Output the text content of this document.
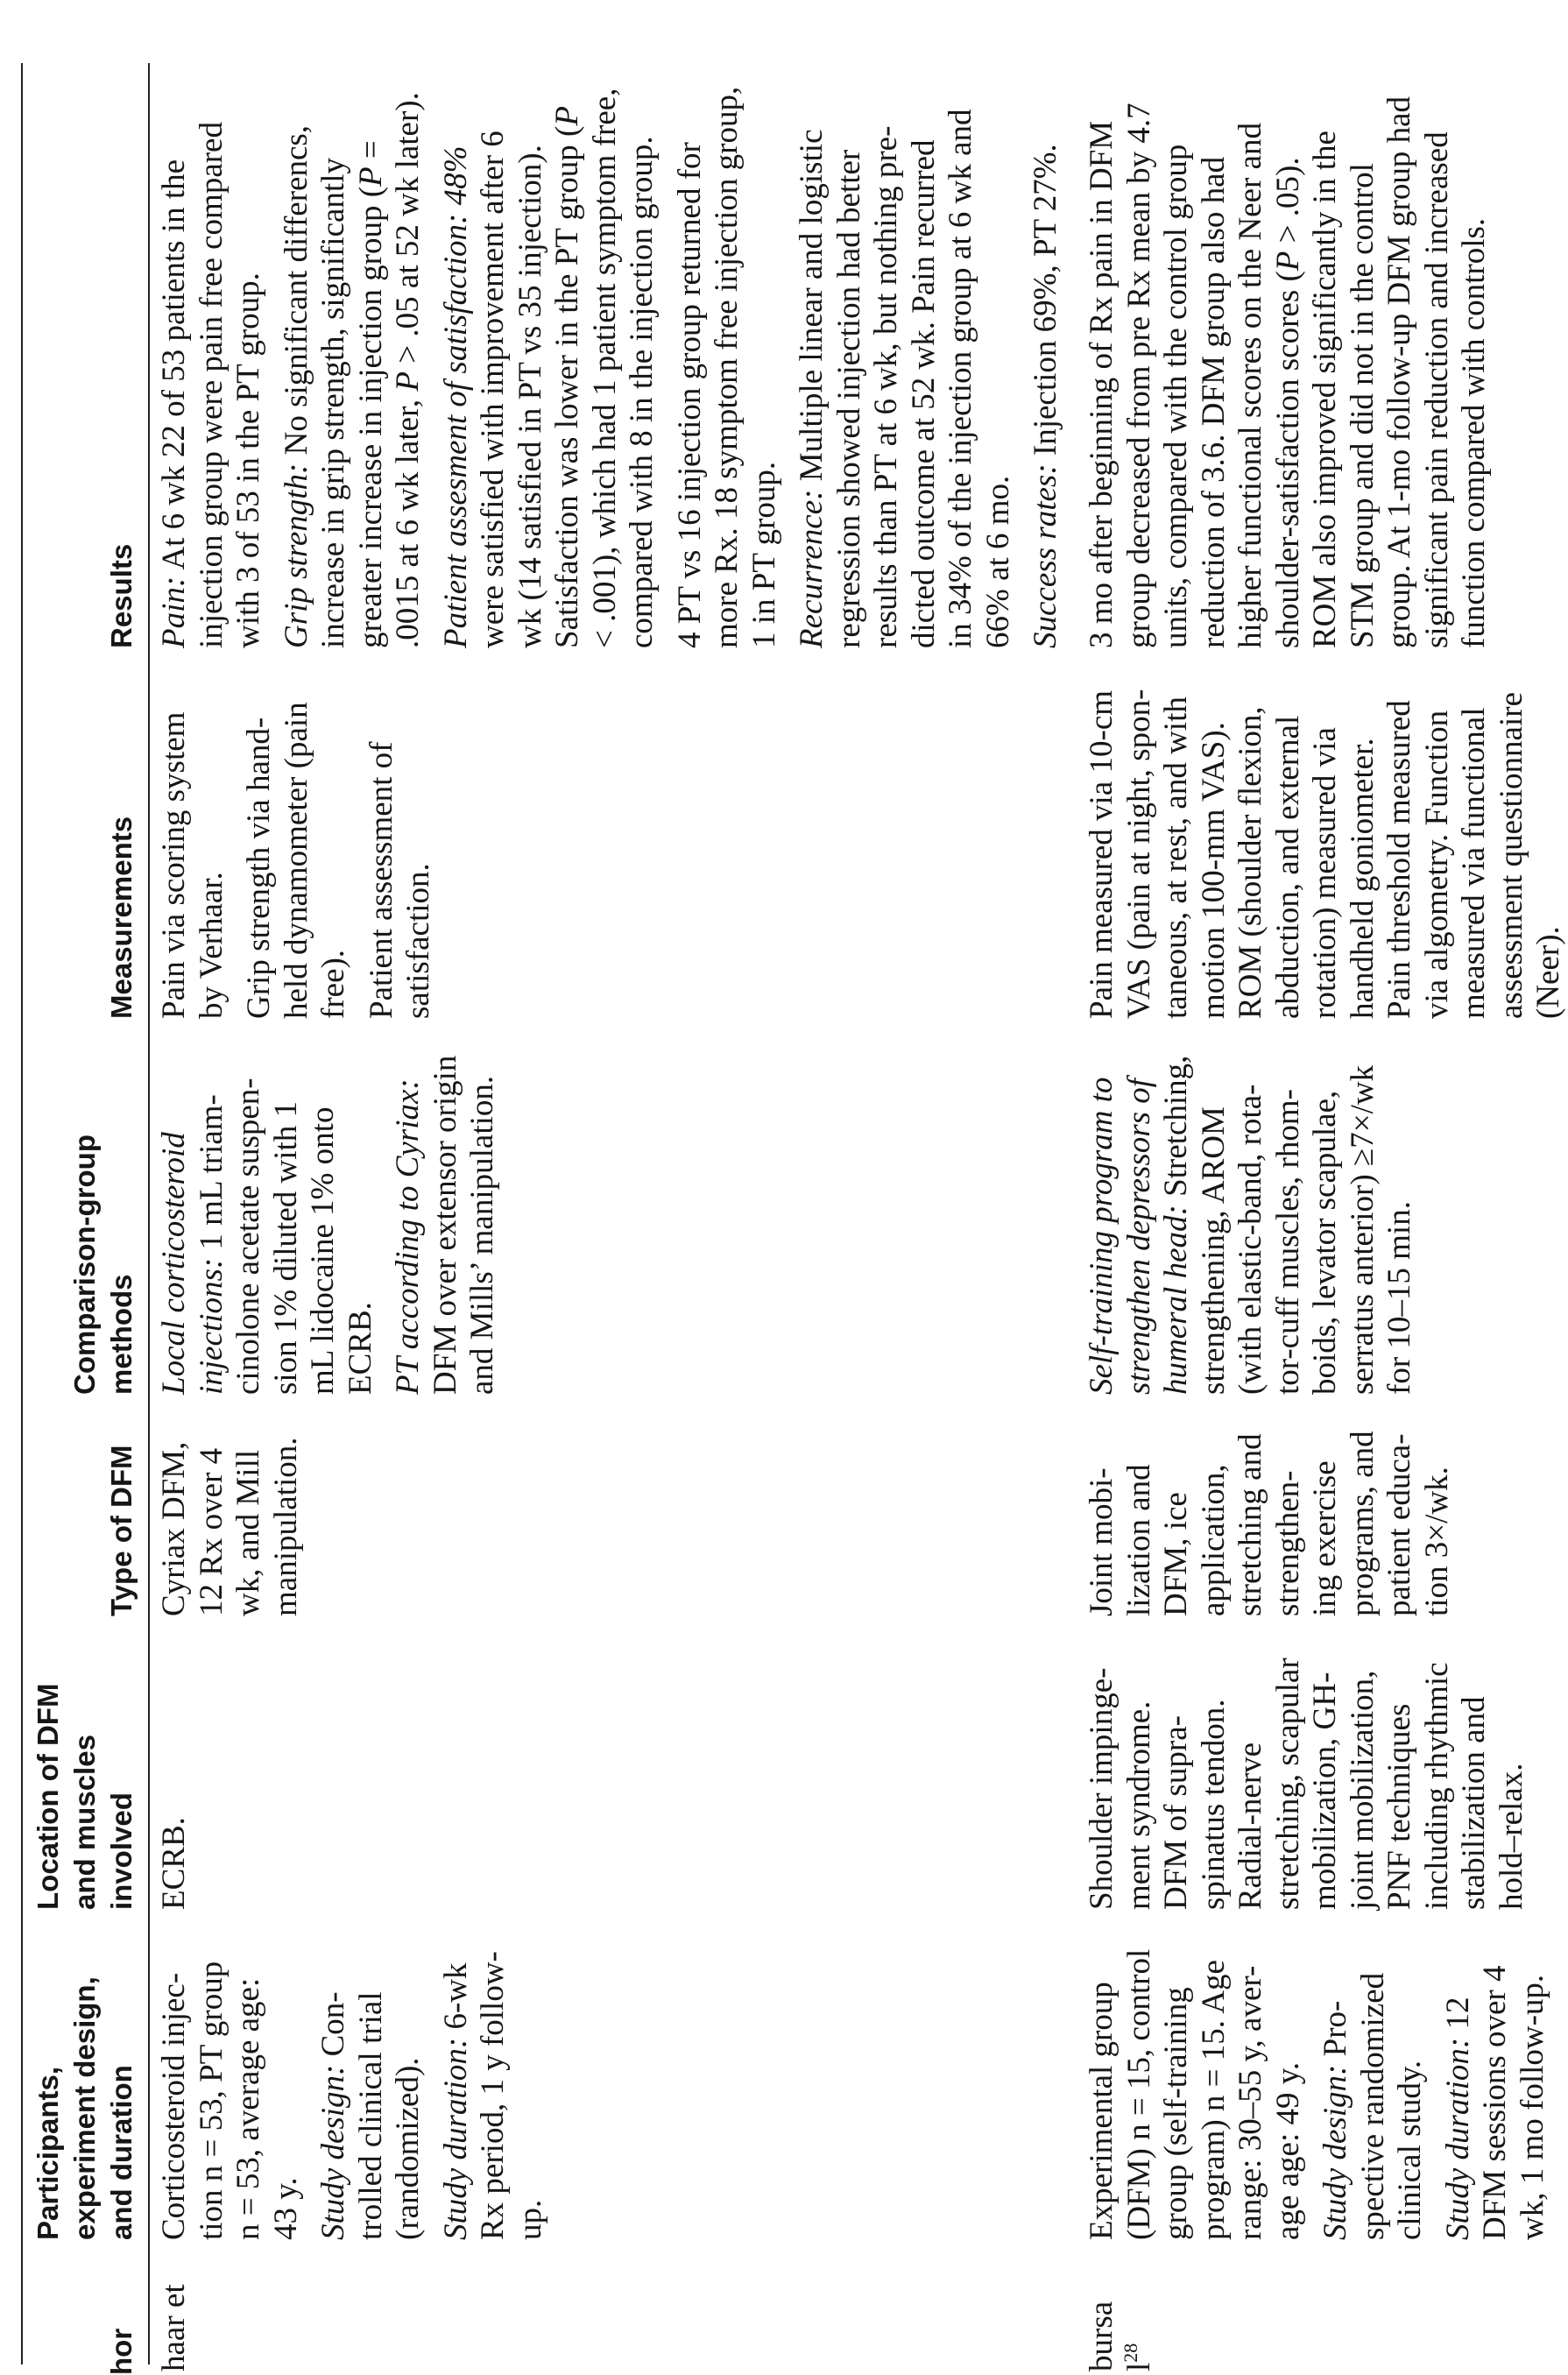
hor
Participants, experiment design, and duration
Location of DFM and muscles involved
Type of DFM
Comparison-group methods
Measurements
Results
haar et
Corticosteroid injec- tion n = 53, PT group n = 53, average age: 43 y. Study design: Con- trolled clinical trial (randomized). Study duration: 6-wk Rx period, 1 y follow- up.
ECRB.
Cyriax DFM, 12 Rx over 4 wk, and Mill manipulation.
Local corticosteroid injections: 1 mL triam- cinolone acetate suspen- sion 1% diluted with 1 mL lidocaine 1% onto ECRB. PT according to Cyriax: DFM over extensor origin and Mills’ manipulation.
Pain via scoring system by Verhaar. Grip strength via hand- held dynamometer (pain free). Patient assessment of satisfaction.
Pain: At 6 wk 22 of 53 patients in the injection group were pain free compared with 3 of 53 in the PT group. Grip strength: No significant differencs, increase in grip strength, significantly greater increase in injection group (P =
.0015 at 6 wk later, P > .05 at 52 wk later). Patient assesment of satisfaction: 48% were satisfied with improvement after 6 wk (14 satisfied in PT vs 35 injection). Satisfaction was lower in the PT group (P < .001), which had 1 patient symptom free, compared with 8 in the injection group. 4 PT vs 16 injection group returned for more Rx. 18 symptom free injection group, 1 in PT group. Recurrence: Multiple linear and logistic regression showed injection had better results than PT at 6 wk, but nothing pre- dicted outcome at 52 wk. Pain recurred in 34% of the injection group at 6 wk and 66% at 6 mo. Success rates: Injection 69%, PT 27%.
bursa $l^{28}$
Experimental group (DFM) n = 15, control group (self-training program) n = 15. Age range: 30–55 y, aver- age age: 49 y. Study design: Pro- spective randomized clinical study. Study duration: 12 DFM sessions over 4 wk, 1 mo follow-up.
Shoulder impinge- ment syndrome. DFM of supra- spinatus tendon. Radial-nerve stretching, scapular mobilization, GH- joint mobilization, PNF techniques including rhythmic stabilization and hold–relax.
Joint mobi- lization and DFM, ice application, stretching and strengthen- ing exercise programs, and patient educa- tion 3×/wk.
Self-training program to strengthen depressors of humeral head: Stretching, strengthening, AROM (with elastic-band, rota- tor-cuff muscles, rhom- boids, levator scapulae, serratus anterior) ≥7×/wk for 10–15 min.
Pain measured via 10-cm VAS (pain at night, spon- taneous, at rest, and with motion 100-mm VAS). ROM (shoulder flexion, abduction, and external rotation) measured via handheld goniometer. Pain threshold measured via algometry. Function measured via functional assessment questionnaire (Neer).
3 mo after beginning of Rx pain in DFM group decreased from pre Rx mean by 4.7 units, compared with the control group reduction of 3.6. DFM group also had higher functional scores on the Neer and shoulder-satisfaction scores (P > .05). ROM also improved significantly in the STM group and did not in the control group. At 1-mo follow-up DFM group had significant pain reduction and increased function compared with controls.
